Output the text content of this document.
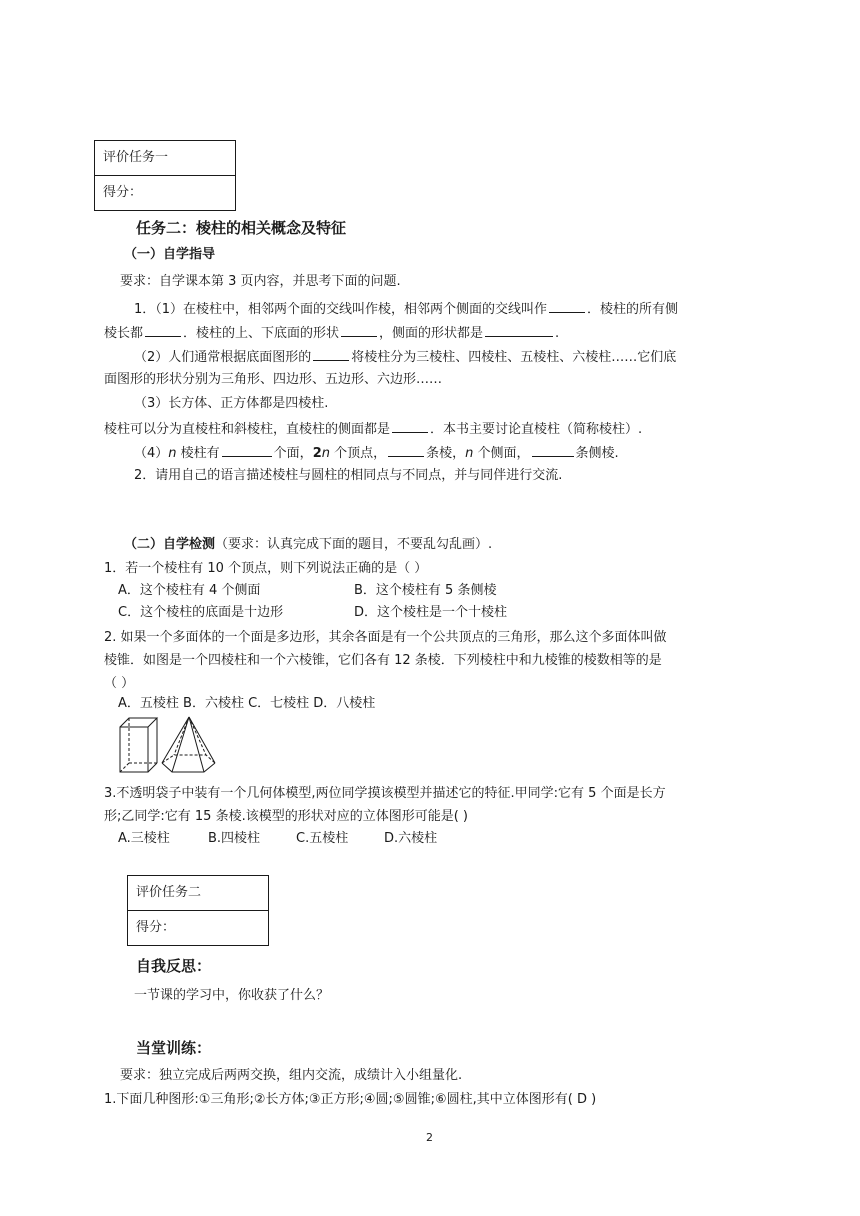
评价任务一
得分：
任务二：棱柱的相关概念及特征
（一）自学指导
要求：自学课本第 3 页内容，并思考下面的问题.
1．（1）在棱柱中，相邻两个面的交线叫作棱，相邻两个侧面的交线叫作	．棱柱的所有侧
棱长都	．棱柱的上、下底面的形状	，侧面的形状都是	.
（2）人们通常根据底面图形的	将棱柱分为三棱柱、四棱柱、五棱柱、六棱柱……它们底
面图形的形状分别为三角形、四边形、五边形、六边形……
（3）长方体、正方体都是四棱柱.
棱柱可以分为直棱柱和斜棱柱，直棱柱的侧面都是	．本书主要讨论直棱柱（简称棱柱）.
（4）n 棱柱有	个面，2n 个顶点，	条棱，n 个侧面，	条侧棱.
2．请用自己的语言描述棱柱与圆柱的相同点与不同点，并与同伴进行交流.
（二）自学检测（要求：认真完成下面的题目，不要乱勾乱画）.
1．若一个棱柱有 10 个顶点，则下列说法正确的是（ ）
A．这个棱柱有 4 个侧面	B．这个棱柱有 5 条侧棱
C．这个棱柱的底面是十边形	D．这个棱柱是一个十棱柱
2. 如果一个多面体的一个面是多边形，其余各面是有一个公共顶点的三角形，那么这个多面体叫做
棱锥．如图是一个四棱柱和一个六棱锥，它们各有 12 条棱．下列棱柱中和九棱锥的棱数相等的是
（ ）
A．五棱柱 B．六棱柱 C．七棱柱 D．八棱柱
3.不透明袋子中装有一个几何体模型,两位同学摸该模型并描述它的特征.甲同学:它有 5 个面是长方
形;乙同学:它有 15 条棱.该模型的形状对应的立体图形可能是( )
A.三棱柱	B.四棱柱	C.五棱柱	D.六棱柱
评价任务二
得分：
自我反思：
一节课的学习中，你收获了什么？
当堂训练：
要求：独立完成后两两交换，组内交流，成绩计入小组量化.
1.下面几种图形:①三角形;②长方体;③正方形;④圆;⑤圆锥;⑥圆柱,其中立体图形有( D )
2
